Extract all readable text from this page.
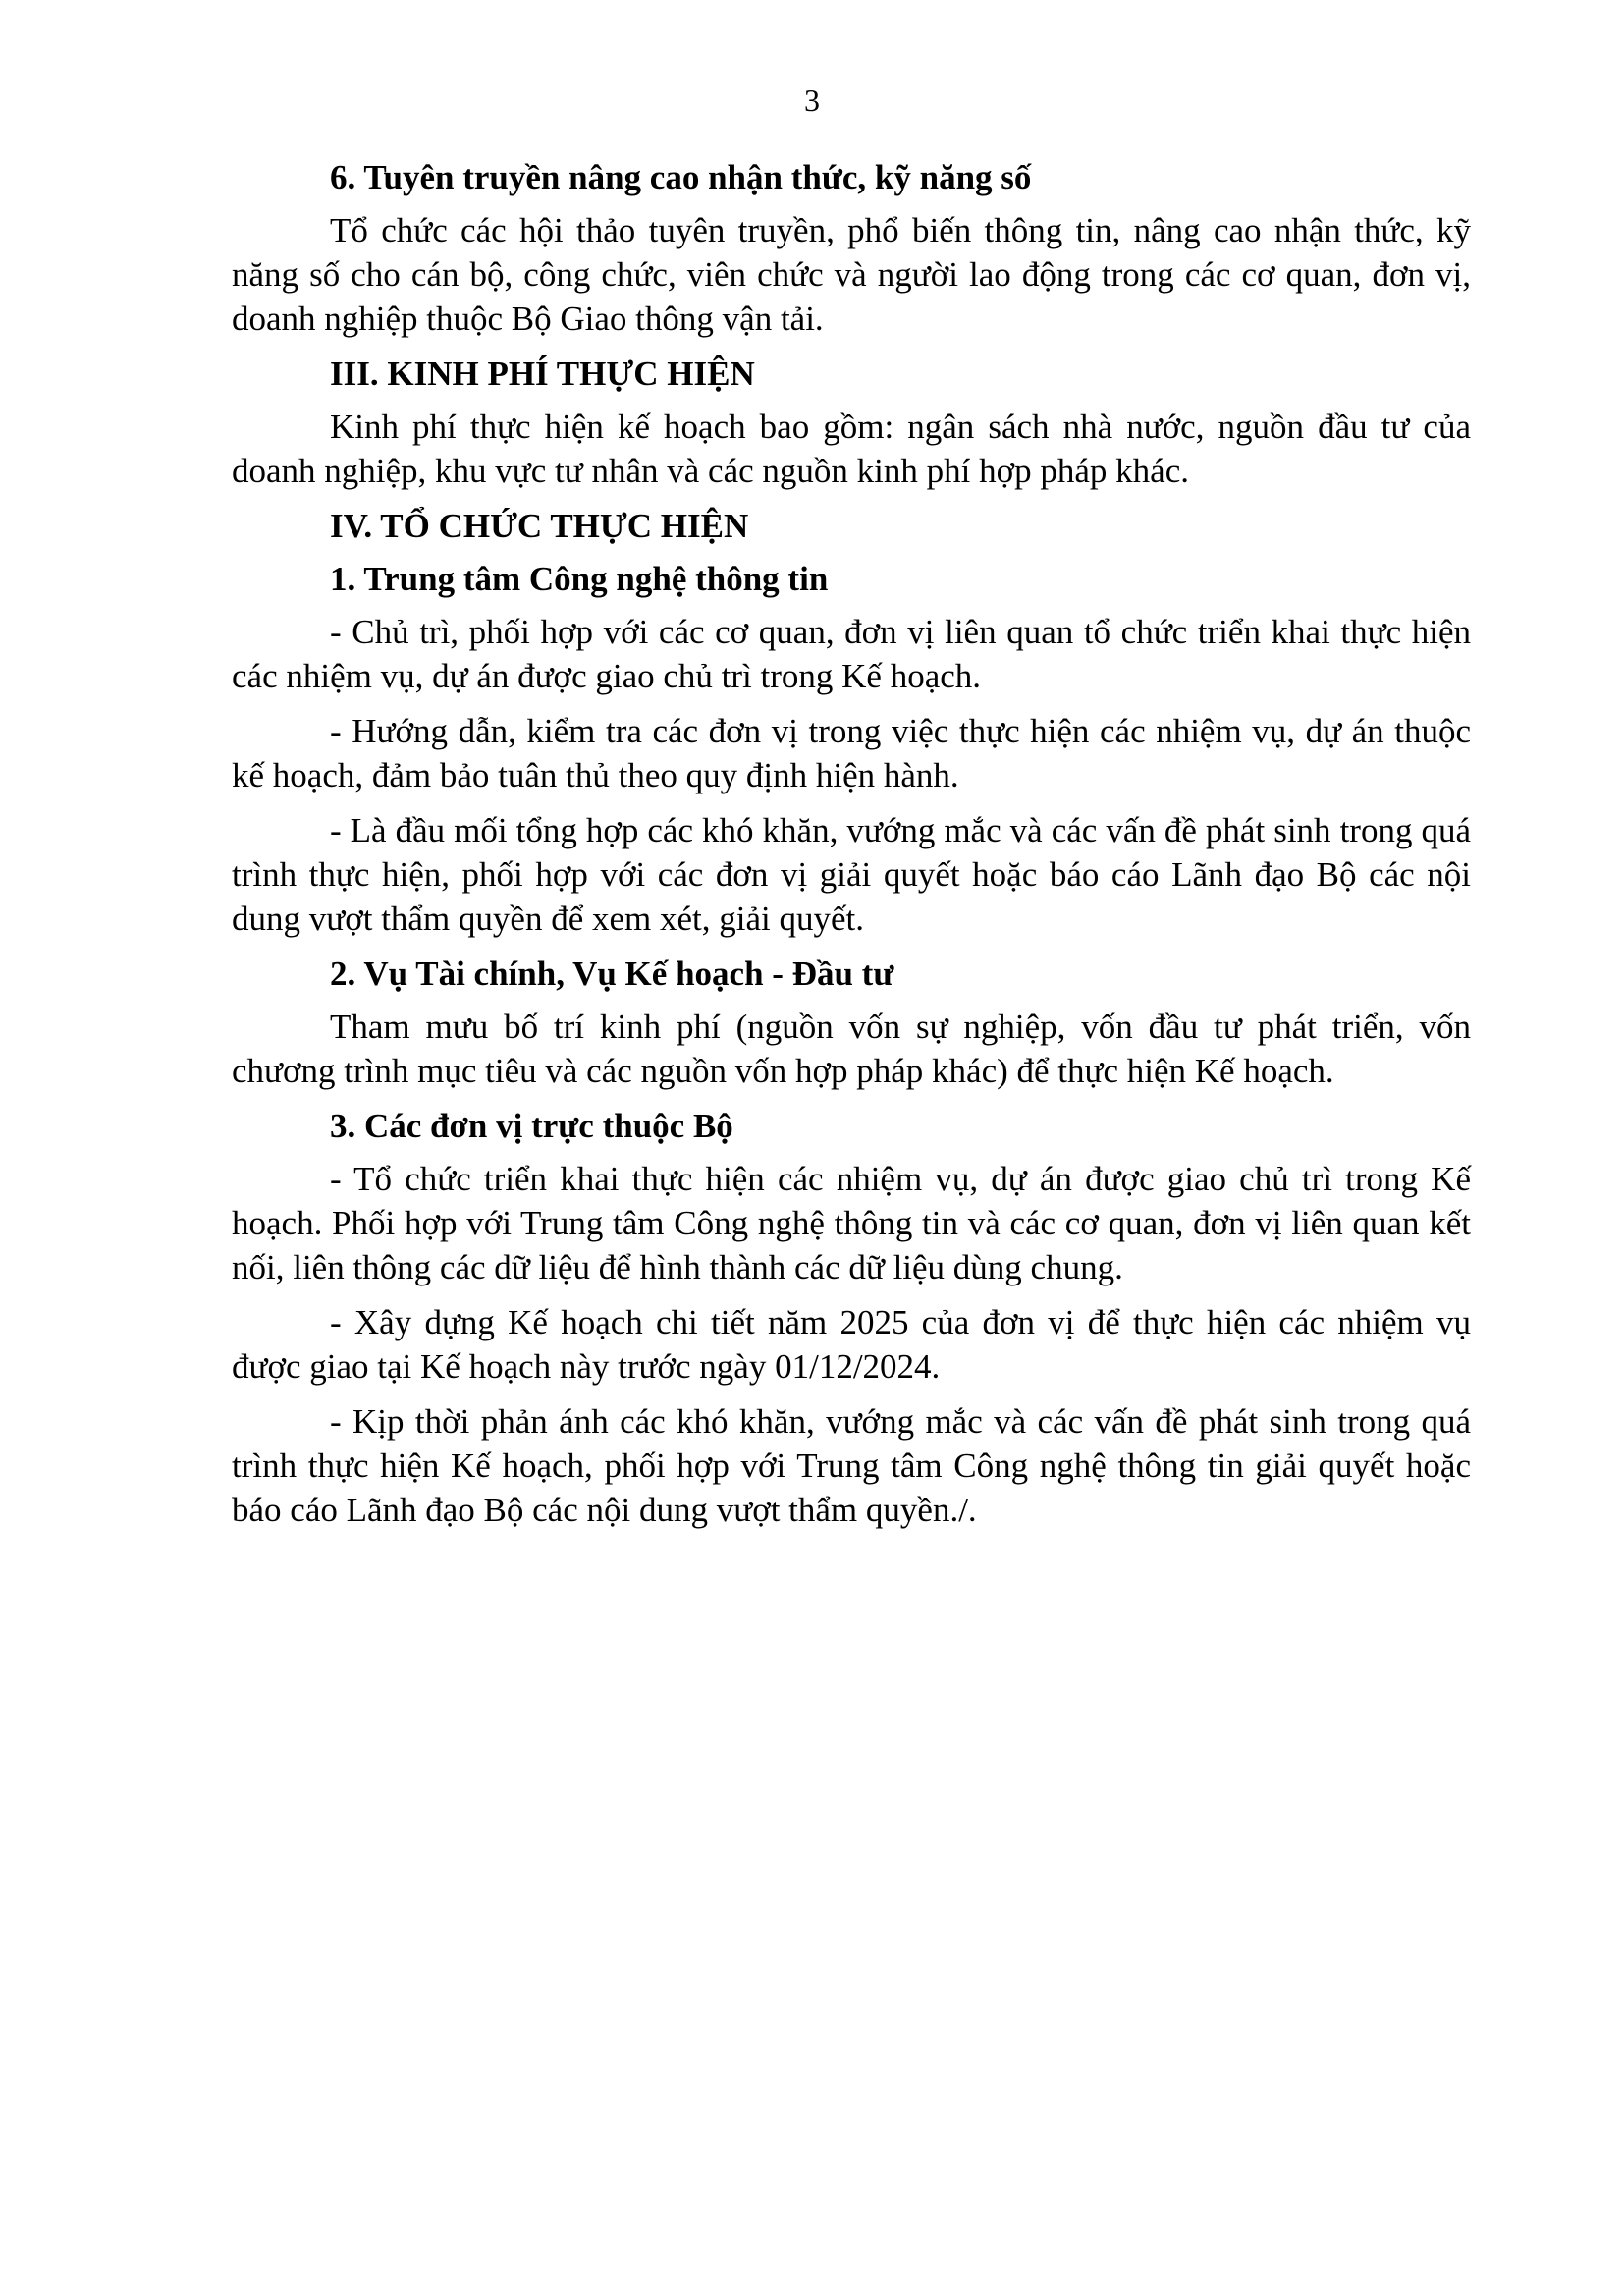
3
6. Tuyên truyền nâng cao nhận thức, kỹ năng số

Tổ chức các hội thảo tuyên truyền, phổ biến thông tin, nâng cao nhận thức, kỹ năng số cho cán bộ, công chức, viên chức và người lao động trong các cơ quan, đơn vị, doanh nghiệp thuộc Bộ Giao thông vận tải.

III. KINH PHÍ THỰC HIỆN

Kinh phí thực hiện kế hoạch bao gồm: ngân sách nhà nước, nguồn đầu tư của doanh nghiệp, khu vực tư nhân và các nguồn kinh phí hợp pháp khác.

IV. TỔ CHỨC THỰC HIỆN
1. Trung tâm Công nghệ thông tin

- Chủ trì, phối hợp với các cơ quan, đơn vị liên quan tổ chức triển khai thực hiện các nhiệm vụ, dự án được giao chủ trì trong Kế hoạch.

- Hướng dẫn, kiểm tra các đơn vị trong việc thực hiện các nhiệm vụ, dự án thuộc kế hoạch, đảm bảo tuân thủ theo quy định hiện hành.

- Là đầu mối tổng hợp các khó khăn, vướng mắc và các vấn đề phát sinh trong quá trình thực hiện, phối hợp với các đơn vị giải quyết hoặc báo cáo Lãnh đạo Bộ các nội dung vượt thẩm quyền để xem xét, giải quyết.

2. Vụ Tài chính, Vụ Kế hoạch - Đầu tư

Tham mưu bố trí kinh phí (nguồn vốn sự nghiệp, vốn đầu tư phát triển, vốn chương trình mục tiêu và các nguồn vốn hợp pháp khác) để thực hiện Kế hoạch.

3. Các đơn vị trực thuộc Bộ

- Tổ chức triển khai thực hiện các nhiệm vụ, dự án được giao chủ trì trong Kế hoạch. Phối hợp với Trung tâm Công nghệ thông tin và các cơ quan, đơn vị liên quan kết nối, liên thông các dữ liệu để hình thành các dữ liệu dùng chung.

- Xây dựng Kế hoạch chi tiết năm 2025 của đơn vị để thực hiện các nhiệm vụ được giao tại Kế hoạch này trước ngày 01/12/2024.

- Kịp thời phản ánh các khó khăn, vướng mắc và các vấn đề phát sinh trong quá trình thực hiện Kế hoạch, phối hợp với Trung tâm Công nghệ thông tin giải quyết hoặc báo cáo Lãnh đạo Bộ các nội dung vượt thẩm quyền./.
